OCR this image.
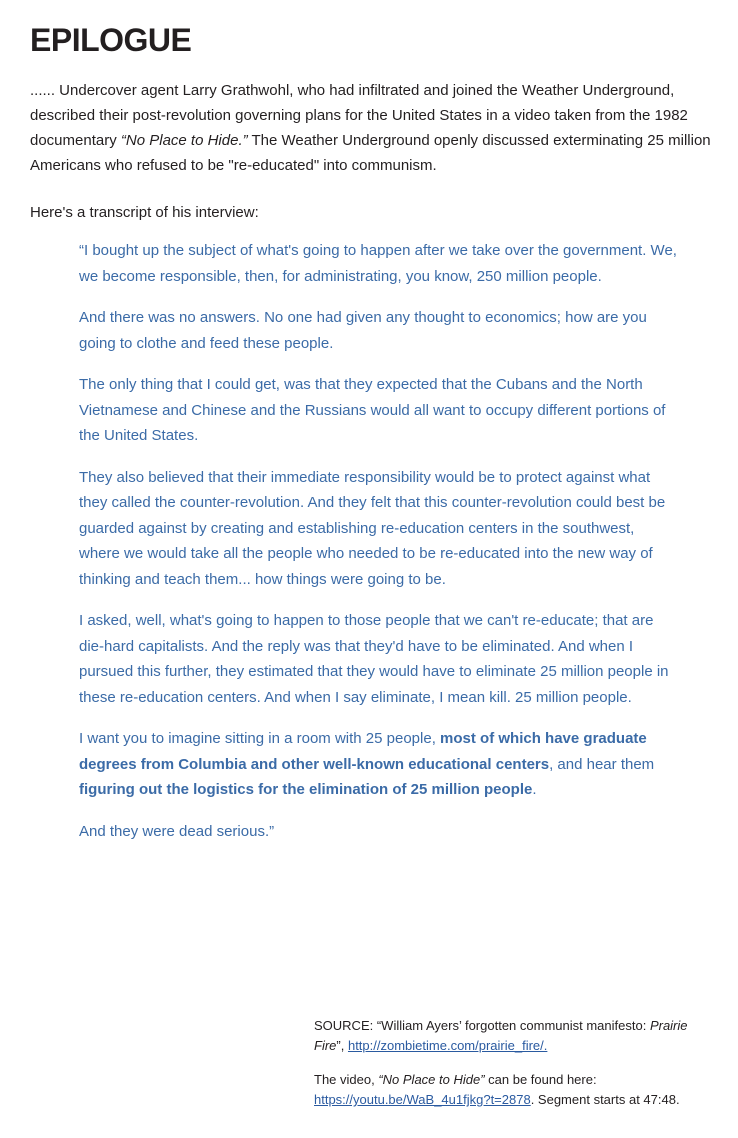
EPILOGUE

...... Undercover agent Larry Grathwohl, who had infiltrated and joined the Weather Underground, described their post-revolution governing plans for the United States in a video taken from the 1982 documentary “No Place to Hide.” The Weather Underground openly discussed exterminating 25 million Americans who refused to be "re-educated" into communism.

Here's a transcript of his interview:

“I bought up the subject of what's going to happen after we take over the government. We, we become responsible, then, for administrating, you know, 250 million people.

And there was no answers. No one had given any thought to economics; how are you going to clothe and feed these people.

The only thing that I could get, was that they expected that the Cubans and the North Vietnamese and Chinese and the Russians would all want to occupy different portions of the United States.

They also believed that their immediate responsibility would be to protect against what they called the counter-revolution. And they felt that this counter-revolution could best be guarded against by creating and establishing re-education centers in the southwest, where we would take all the people who needed to be re-educated into the new way of thinking and teach them... how things were going to be.

I asked, well, what's going to happen to those people that we can't re-educate; that are die-hard capitalists. And the reply was that they'd have to be eliminated. And when I pursued this further, they estimated that they would have to eliminate 25 million people in these re-education centers. And when I say eliminate, I mean kill. 25 million people.

I want you to imagine sitting in a room with 25 people, most of which have graduate degrees from Columbia and other well-known educational centers, and hear them figuring out the logistics for the elimination of 25 million people.

And they were dead serious.”

SOURCE: “William Ayers’ forgotten communist manifesto: Prairie Fire”, http://zombietime.com/prairie_fire/.

The video, “No Place to Hide” can be found here: https://youtu.be/WaB_4u1fjkg?t=2878. Segment starts at 47:48.
